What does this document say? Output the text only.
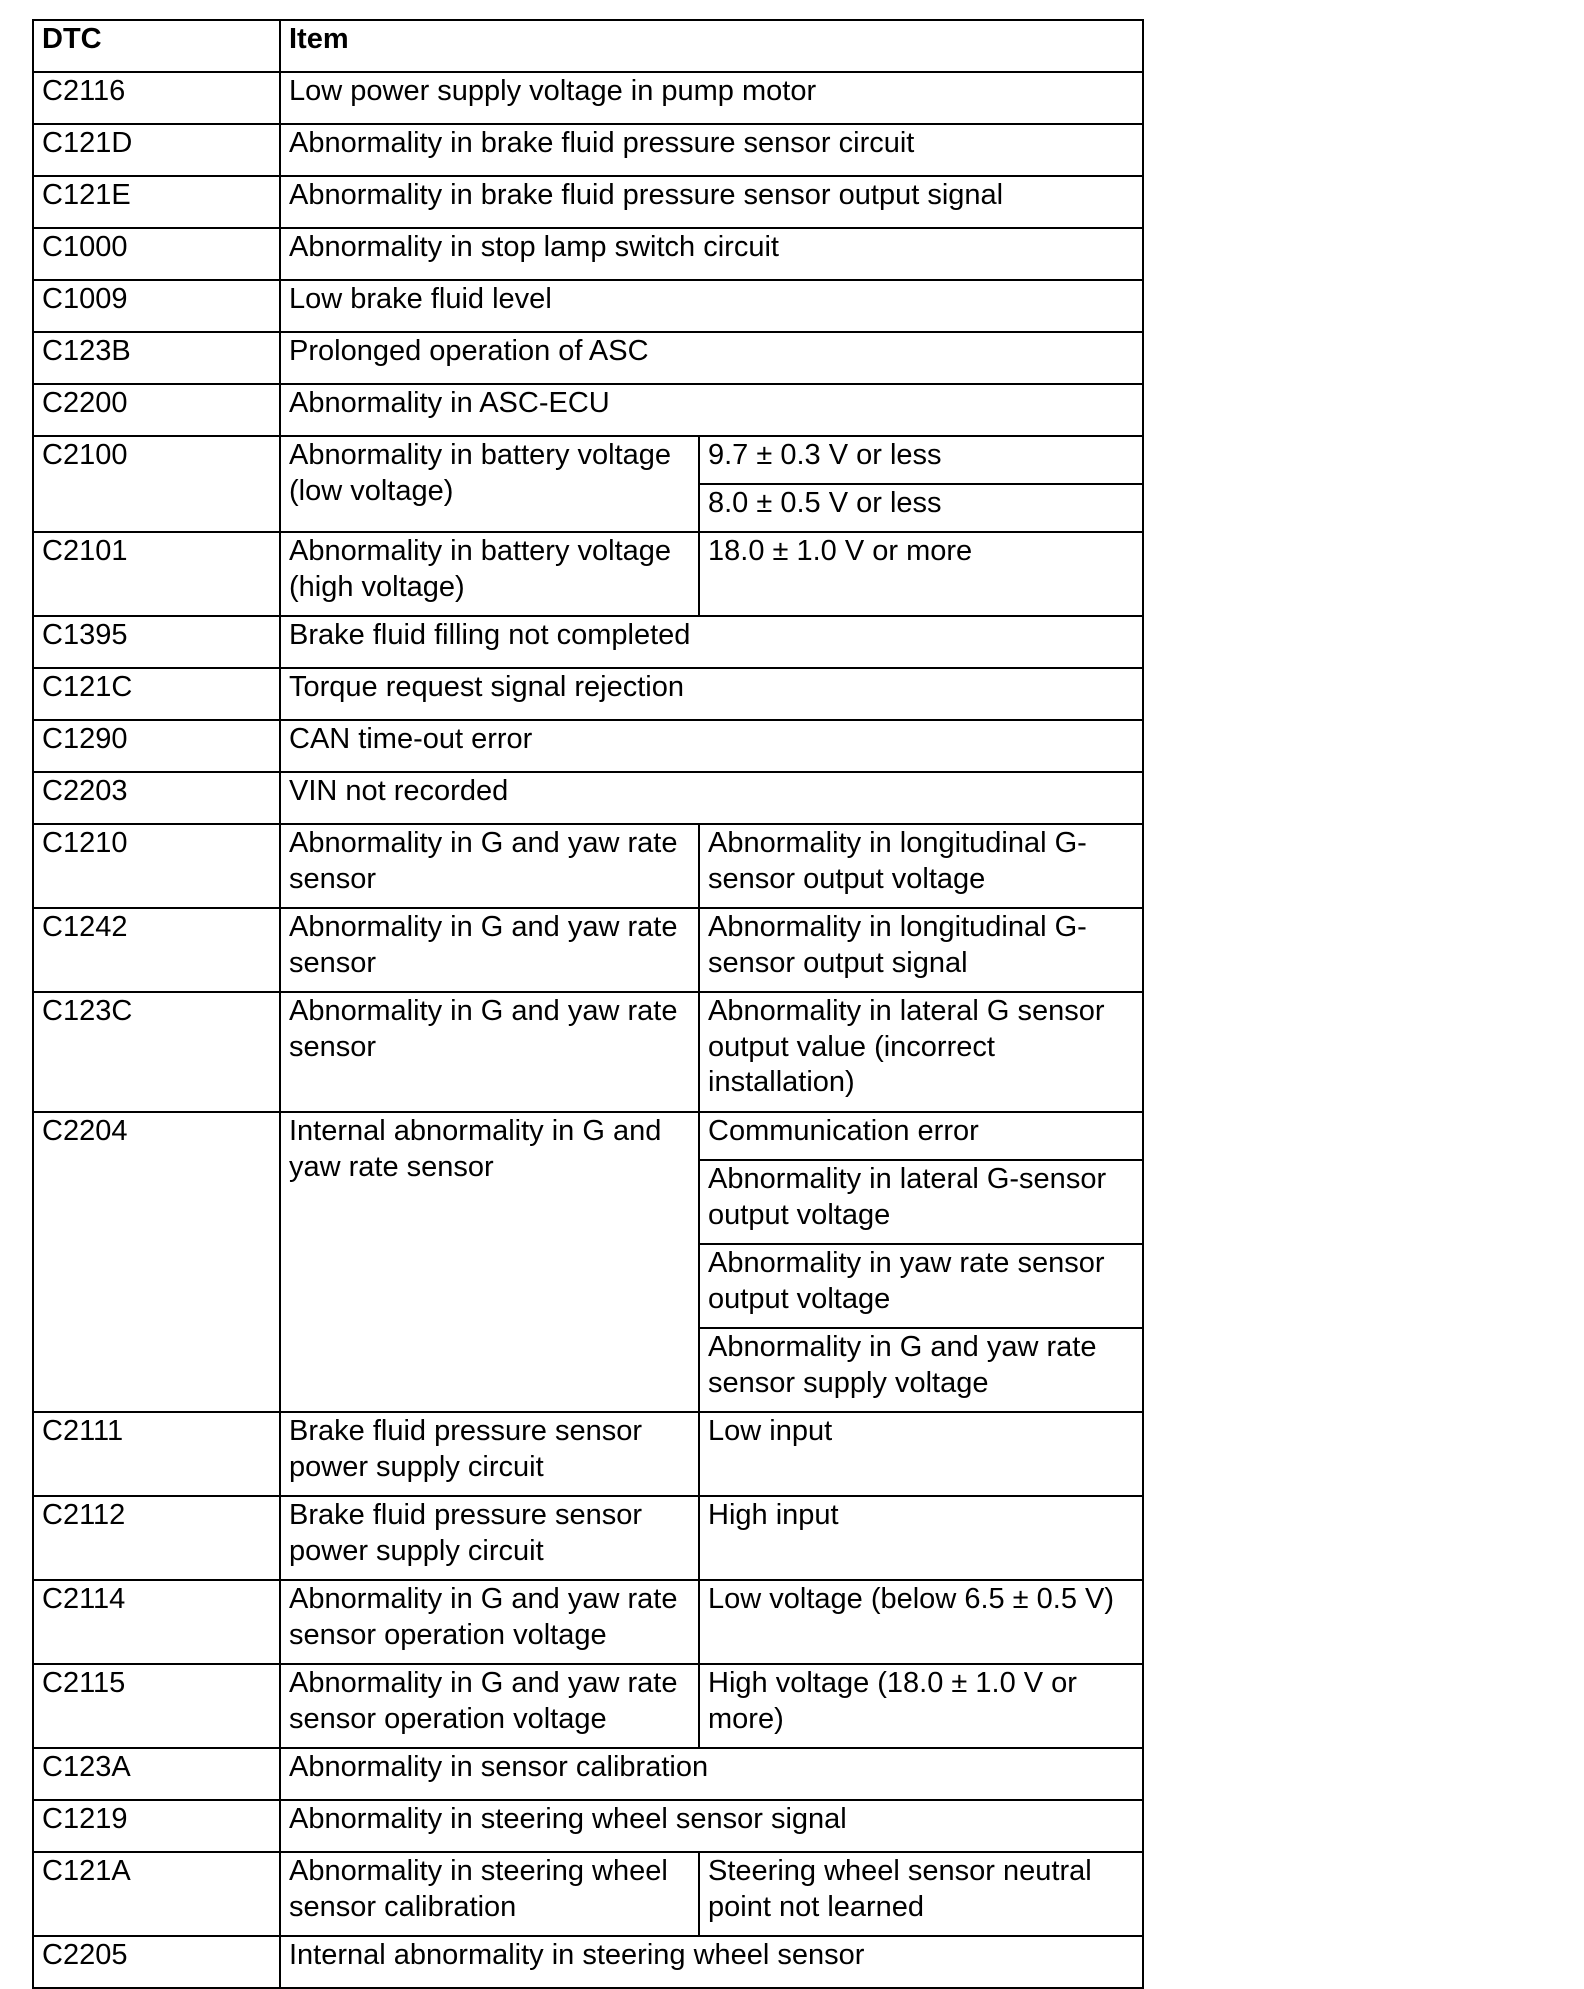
DTC	Item	
C2116	Low power supply voltage in pump motor	
C121D	Abnormality in brake fluid pressure sensor circuit	
C121E	Abnormality in brake fluid pressure sensor output signal	
C1000	Abnormality in stop lamp switch circuit	
C1009	Low brake fluid level	
C123B	Prolonged operation of ASC	
C2200	Abnormality in ASC-ECU	
C2100	Abnormality in battery voltage (low voltage)	9.7 ± 0.3 V or less
		8.0 ± 0.5 V or less
C2101	Abnormality in battery voltage (high voltage)	18.0 ± 1.0 V or more
C1395	Brake fluid filling not completed	
C121C	Torque request signal rejection	
C1290	CAN time-out error	
C2203	VIN not recorded	
C1210	Abnormality in G and yaw rate sensor	Abnormality in longitudinal G-sensor output voltage
C1242	Abnormality in G and yaw rate sensor	Abnormality in longitudinal G-sensor output signal
C123C	Abnormality in G and yaw rate sensor	Abnormality in lateral G sensor output value (incorrect installation)
C2204	Internal abnormality in G and yaw rate sensor	Communication error
		Abnormality in lateral G-sensor output voltage
		Abnormality in yaw rate sensor output voltage
		Abnormality in G and yaw rate sensor supply voltage
C2111	Brake fluid pressure sensor power supply circuit	Low input
C2112	Brake fluid pressure sensor power supply circuit	High input
C2114	Abnormality in G and yaw rate sensor operation voltage	Low voltage (below 6.5 ± 0.5 V)
C2115	Abnormality in G and yaw rate sensor operation voltage	High voltage (18.0 ± 1.0 V or more)
C123A	Abnormality in sensor calibration	
C1219	Abnormality in steering wheel sensor signal	
C121A	Abnormality in steering wheel sensor calibration	Steering wheel sensor neutral point not learned
C2205	Internal abnormality in steering wheel sensor	
